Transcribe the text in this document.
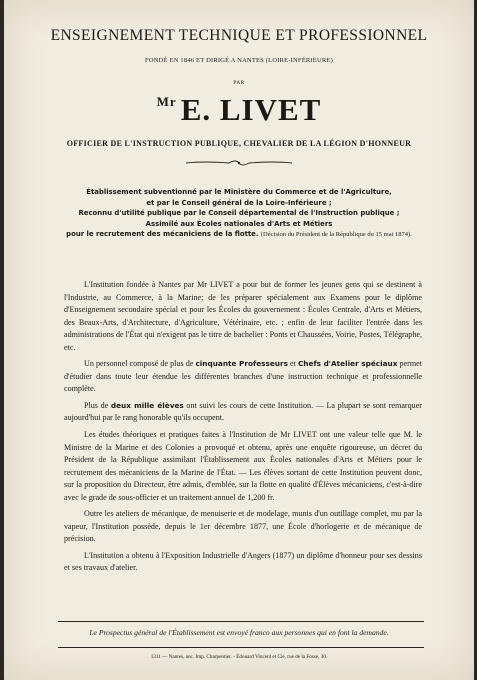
ENSEIGNEMENT TECHNIQUE ET PROFESSIONNEL
FONDÉ EN 1846 ET DIRIGÉ A NANTES (LOIRE-INFÉRIEURE)
PAR
$^{Mr}$ E. LIVET
OFFICIER DE L'INSTRUCTION PUBLIQUE, CHEVALIER DE LA LÉGION D'HONNEUR
Établissement subventionné par le Ministère du Commerce et de l'Agriculture,
et par le Conseil général de la Loire-Inférieure ;
Reconnu d'utilité publique par le Conseil départemental de l'Instruction publique ;
Assimilé aux Écoles nationales d'Arts et Métiers
pour le recrutement des mécaniciens de la flotte. (Décision du Président de la République du 15 mai 1874).

L'Institution fondée à Nantes par Mr LIVET a pour but de former les jeunes gens qui se destinent à l'Industrie, au Commerce, à la Marine; de les préparer spécialement aux Examens pour le diplôme d'Enseignement secondaire spécial et pour les Écoles du gouvernement : Écoles Centrale, d'Arts et Métiers, des Beaux-Arts, d'Architecture, d'Agriculture, Vétérinaire, etc. ; enfin de leur faciliter l'entrée dans les administrations de l'État qui n'exigent pas le titre de bachelier : Ponts et Chaussées, Voirie, Postes, Télégraphe, etc.

Un personnel composé de plus de cinquante Professeurs et Chefs d'Atelier spéciaux permet d'étudier dans toute leur étendue les différentes branches d'une instruction technique et professionnelle complète.

Plus de deux mille élèves ont suivi les cours de cette Institution. — La plupart se sont remarquer aujourd'hui par le rang honorable qu'ils occupent.

Les études théoriques et pratiques faites à l'Institution de Mr LIVET ont une valeur telle que M. le Ministre de la Marine et des Colonies a provoqué et obtenu, après une enquête rigoureuse, un décret du Président de la République assimilant l'Établissement aux Écoles nationales d'Arts et Métiers pour le recrutement des mécaniciens de la Marine de l'État. — Les élèves sortant de cette Institution peuvent donc, sur la proposition du Directeur, être admis, d'emblée, sur la flotte en qualité d'Élèves mécaniciens, c'est-à-dire avec le grade de sous-officier et un traitement annuel de 1,200 fr.

Outre les ateliers de mécanique, de menuiserie et de modelage, munis d'un outillage complet, mu par la vapeur, l'Institution possède, depuis le 1er décembre 1877, une École d'horlogerie et de mécanique de précision.

L'Institution a obtenu à l'Exposition Industrielle d'Angers (1877) un diplôme d'honneur pour ses dessins et ses travaux d'atelier.

Le Prospectus général de l'Établissement est envoyé franco aux personnes qui en font la demande.
1311 — Nantes, anc. Imp. Charpentier. - Édouard Vincent et Cie, rue de la Fosse, 30.
